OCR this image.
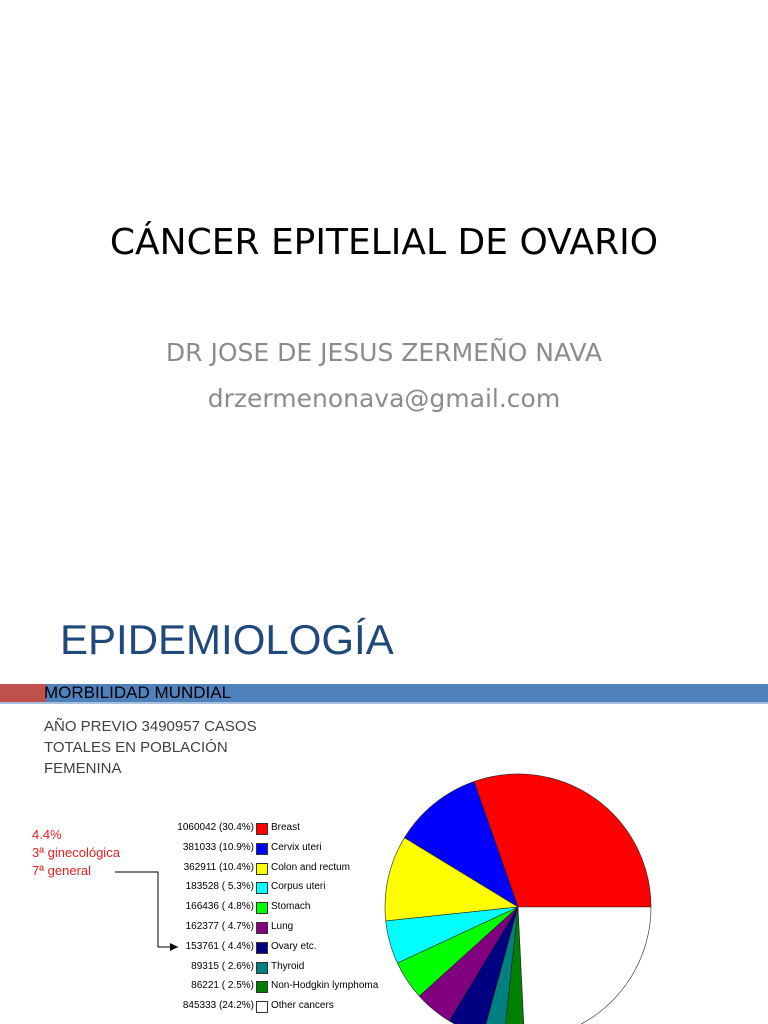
CÁNCER EPITELIAL DE OVARIO
DR JOSE DE JESUS ZERMEÑO NAVA
drzermenonava@gmail.com
EPIDEMIOLOGÍA
MORBILIDAD MUNDIAL
AÑO PREVIO 3490957 CASOS
TOTALES EN POBLACIÓN
FEMENINA
4.4%
3ª ginecológica
7ª general
1060042 (30.4%) Breast
381033 (10.9%) Cervix uteri
362911 (10.4%) Colon and rectum
183528 ( 5.3%) Corpus uteri
166436 ( 4.8%) Stomach
162377 ( 4.7%) Lung
153761 ( 4.4%) Ovary etc.
89315 ( 2.6%) Thyroid
86221 ( 2.5%) Non-Hodgkin lymphoma
845333 (24.2%) Other cancers
